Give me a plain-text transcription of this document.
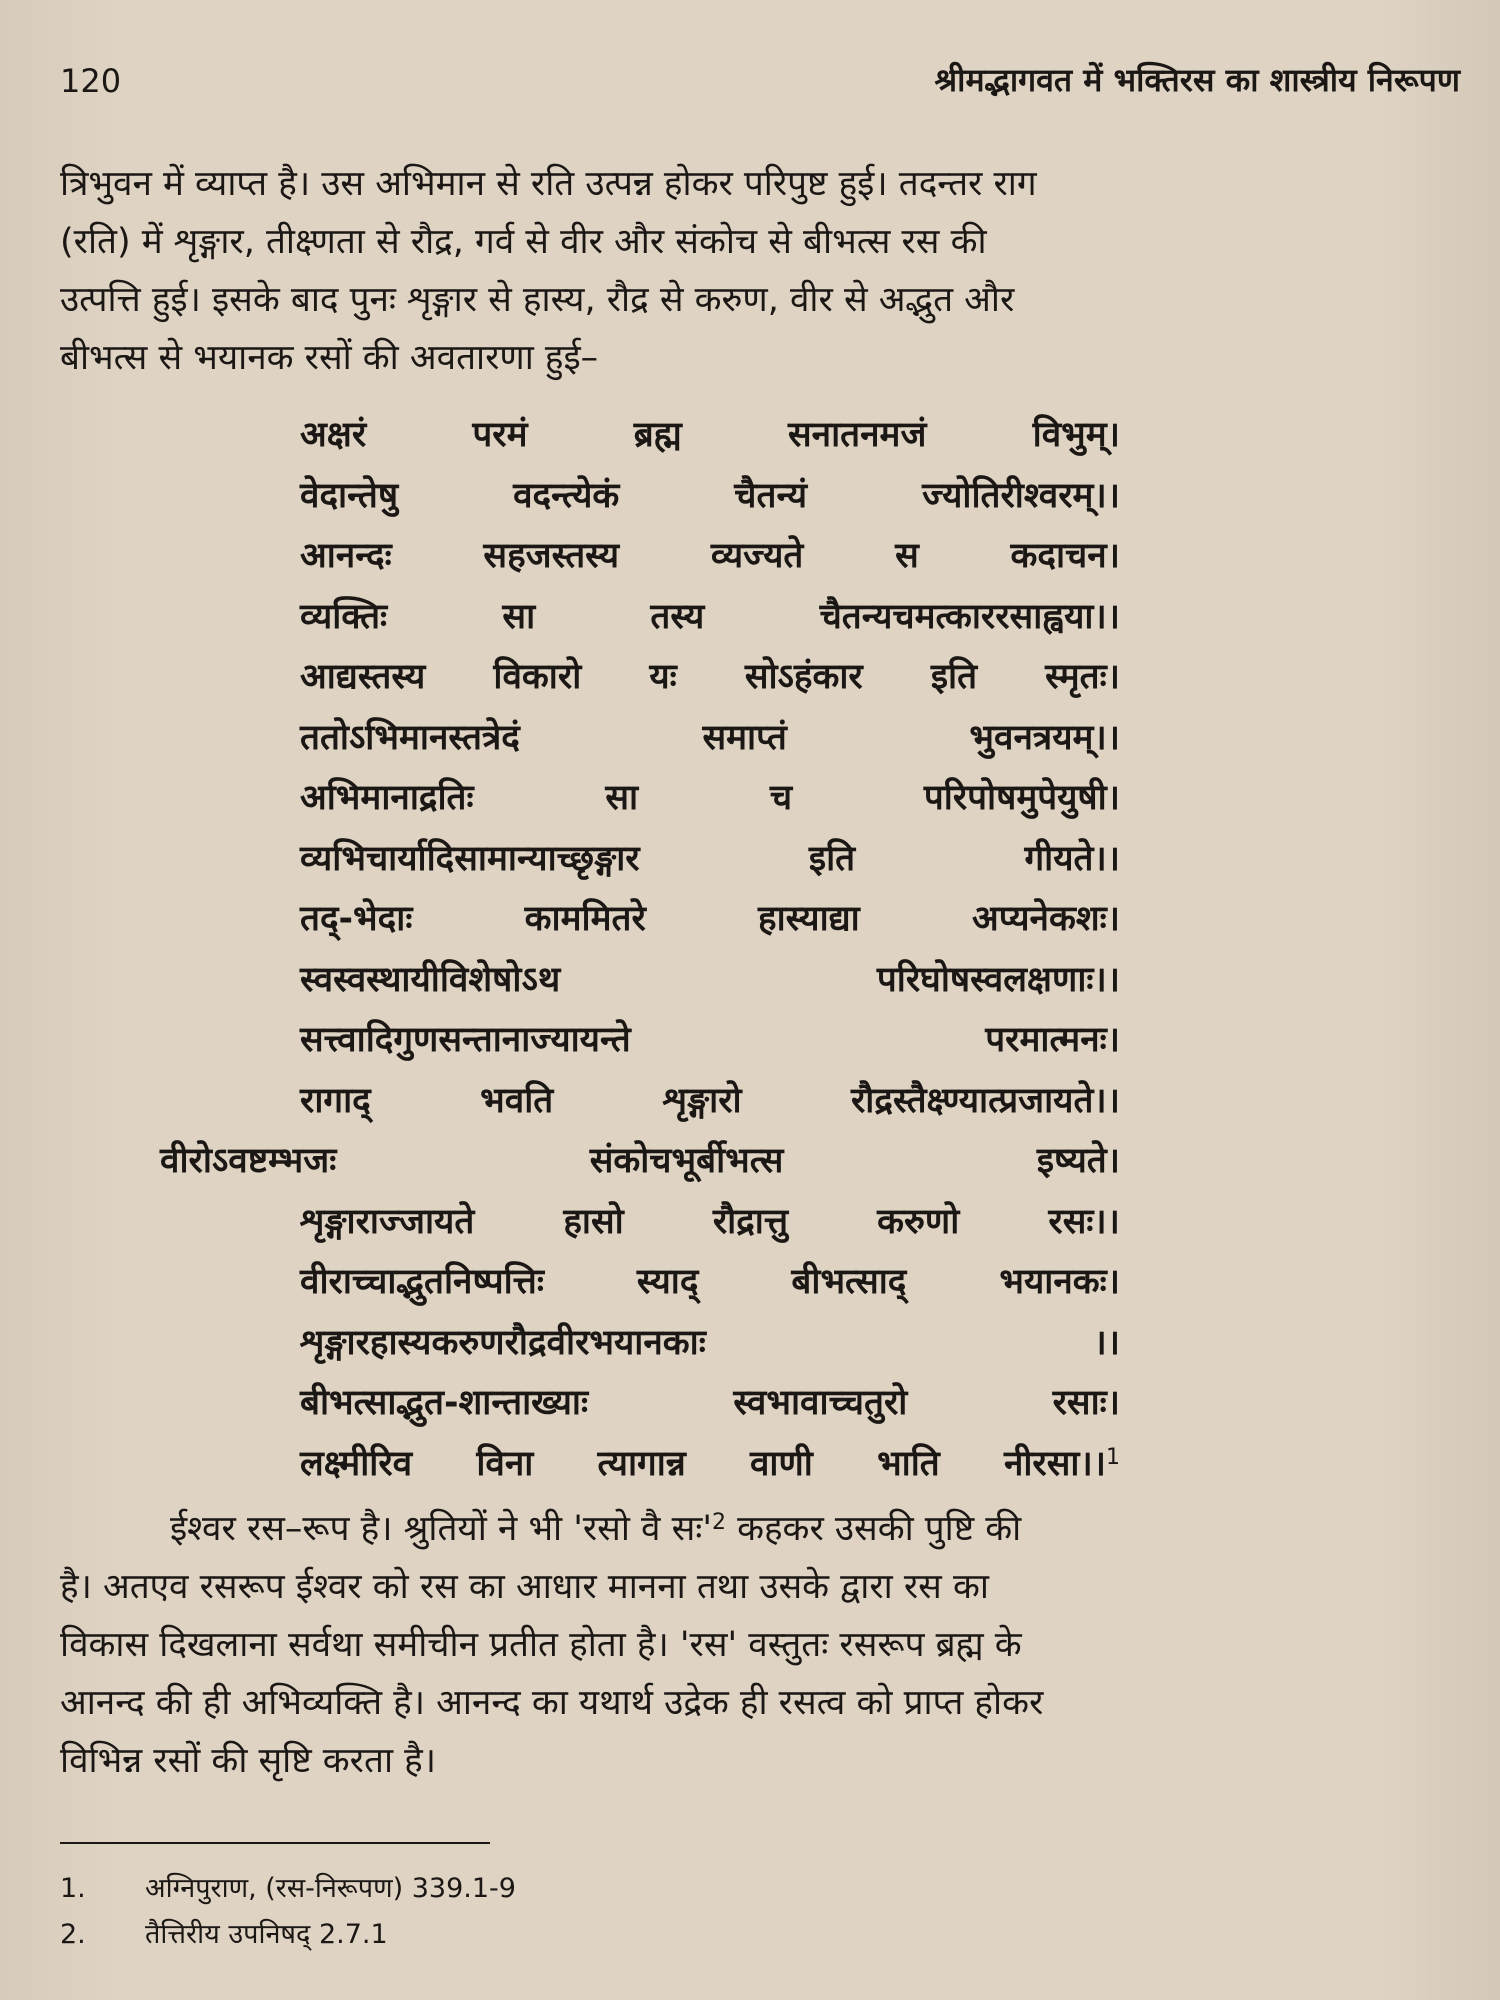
120	श्रीमद्भागवत में भक्तिरस का शास्त्रीय निरूपण
त्रिभुवन में व्याप्त है। उस अभिमान से रति उत्पन्न होकर परिपुष्ट हुई। तदन्तर राग
(रति) में शृङ्गार, तीक्ष्णता से रौद्र, गर्व से वीर और संकोच से बीभत्स रस की
उत्पत्ति हुई। इसके बाद पुनः शृङ्गार से हास्य, रौद्र से करुण, वीर से अद्भुत और
बीभत्स से भयानक रसों की अवतारणा हुई–
अक्षरं	परमं	ब्रह्म	सनातनमजं	विभुम्।
वेदान्तेषु	वदन्त्येकं	चैतन्यं	ज्योतिरीश्वरम्।।
आनन्दः	सहजस्तस्य	व्यज्यते	स	कदाचन।
व्यक्तिः	सा	तस्य	चैतन्यचमत्काररसाह्वया।।
आद्यस्तस्य विकारो यः सोऽहंकार इति स्मृतः।
ततोऽभिमानस्तत्रेदं	समाप्तं	भुवनत्रयम्।।
अभिमानाद्रतिः	सा	च	परिपोषमुपेयुषी।
व्यभिचार्यादिसामान्याच्छृङ्गार	इति	गीयते।।
तद्-भेदाः	काममितरे	हास्याद्या	अप्यनेकशः।
स्वस्वस्थायीविशेषोऽथ	परिघोषस्वलक्षणाः।।
सत्त्वादिगुणसन्तानाज्यायन्ते	परमात्मनः।
रागाद्	भवति	शृङ्गारो	रौद्रस्तैक्ष्ण्यात्प्रजायते।।
वीरोऽवष्टम्भजः	संकोचभूर्बीभत्स	इष्यते।
शृङ्गाराज्जायते	हासो	रौद्रात्तु	करुणो	रसः।।
वीराच्चाद्भुतनिष्पत्तिः	स्याद्	बीभत्साद्	भयानकः।
शृङ्गारहास्यकरुणरौद्रवीरभयानकाः	।।
बीभत्साद्भुत-शान्ताख्याः	स्वभावाच्चतुरो	रसाः।
लक्ष्मीरिव विना त्यागान्न वाणी भाति नीरसा।।$^1$
ईश्वर रस–रूप है। श्रुतियों ने भी 'रसो वै $सः'^2$ कहकर उसकी पुष्टि की
है। अतएव रसरूप ईश्वर को रस का आधार मानना तथा उसके द्वारा रस का
विकास दिखलाना सर्वथा समीचीन प्रतीत होता है। 'रस' वस्तुतः रसरूप ब्रह्म के
आनन्द की ही अभिव्यक्ति है। आनन्द का यथार्थ उद्रेक ही रसत्व को प्राप्त होकर
विभिन्न रसों की सृष्टि करता है।
1.	अग्निपुराण, (रस-निरूपण) 339.1-9
2.	तैत्तिरीय उपनिषद् 2.7.1
